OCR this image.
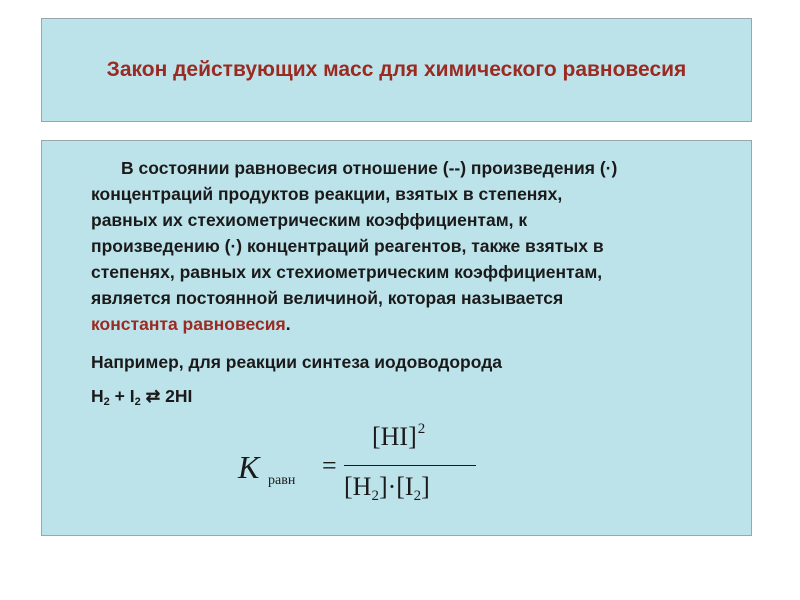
Закон действующих масс для химического равновесия

В состоянии равновесия отношение (--) произведения (·)
концентраций продуктов реакции, взятых в степенях,
равных их стехиометрическим коэффициентам, к
произведению (·) концентраций реагентов, также взятых в
степенях, равных их стехиометрическим коэффициентам,
является постоянной величиной, которая называется
константа равновесия.

Например, для реакции синтеза иодоводорода

$H_2 + I_2$ ⇄ 2HI

K равн
=
[HI]$^2$
$[H_2]\cdot[I_2]$
